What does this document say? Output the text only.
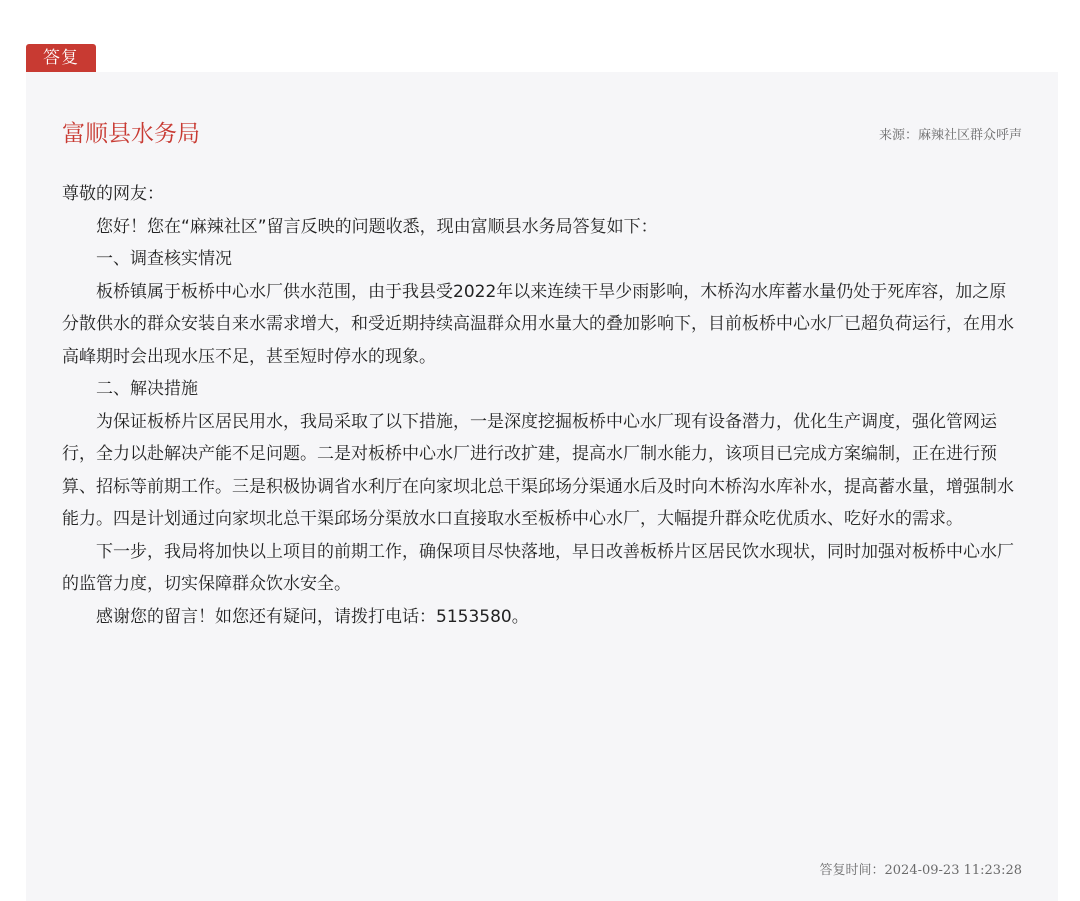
答复
富顺县水务局	来源：麻辣社区群众呼声

尊敬的网友：

您好！您在“麻辣社区”留言反映的问题收悉，现由富顺县水务局答复如下：

一、调查核实情况

板桥镇属于板桥中心水厂供水范围，由于我县受2022年以来连续干旱少雨影响，木桥沟水库蓄水量仍处于死库容，加之原分散供水的群众安装自来水需求增大，和受近期持续高温群众用水量大的叠加影响下，目前板桥中心水厂已超负荷运行，在用水高峰期时会出现水压不足，甚至短时停水的现象。

二、解决措施

为保证板桥片区居民用水，我局采取了以下措施，一是深度挖掘板桥中心水厂现有设备潜力，优化生产调度，强化管网运行，全力以赴解决产能不足问题。二是对板桥中心水厂进行改扩建，提高水厂制水能力，该项目已完成方案编制，正在进行预算、招标等前期工作。三是积极协调省水利厅在向家坝北总干渠邱场分渠通水后及时向木桥沟水库补水，提高蓄水量，增强制水能力。四是计划通过向家坝北总干渠邱场分渠放水口直接取水至板桥中心水厂，大幅提升群众吃优质水、吃好水的需求。

下一步，我局将加快以上项目的前期工作，确保项目尽快落地，早日改善板桥片区居民饮水现状，同时加强对板桥中心水厂的监管力度，切实保障群众饮水安全。

感谢您的留言！如您还有疑问，请拨打电话：5153580。

答复时间：2024-09-23 11:23:28
